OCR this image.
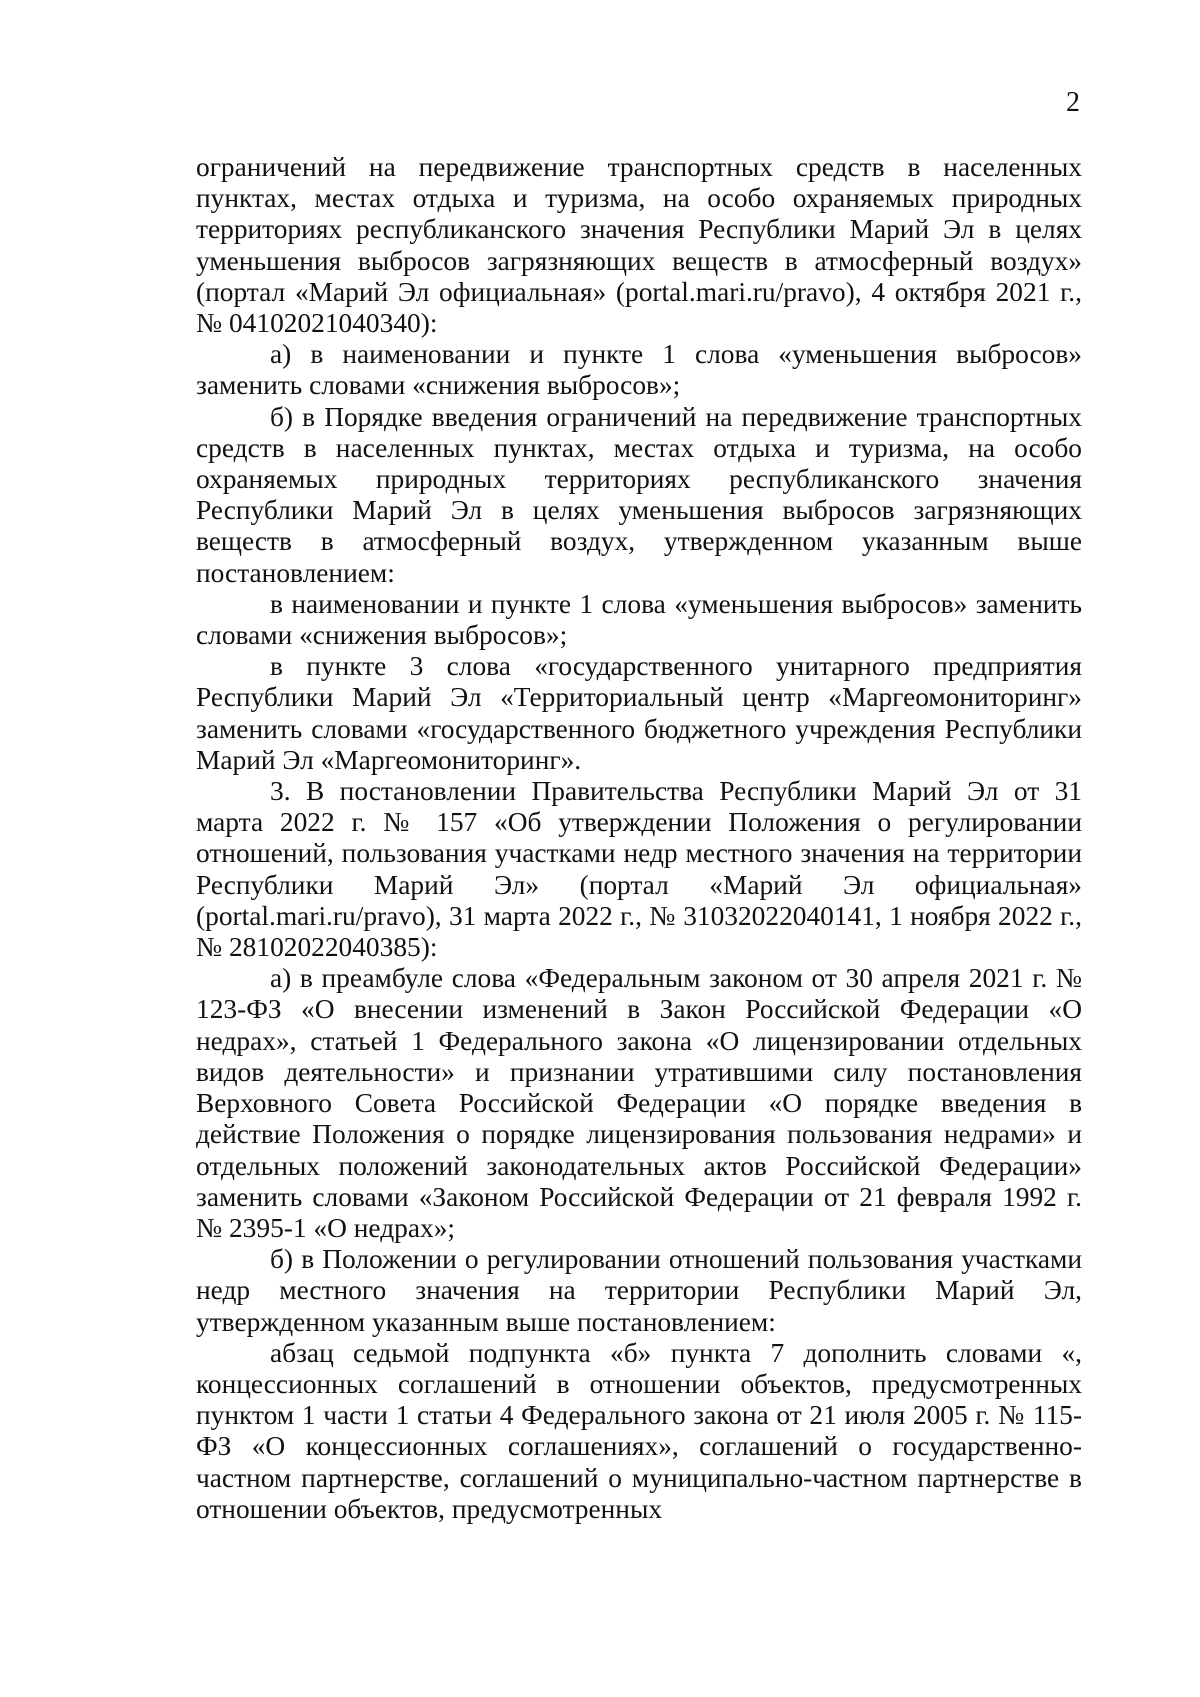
2

ограничений на передвижение транспортных средств в населенных пунктах, местах отдыха и туризма, на особо охраняемых природных территориях республиканского значения Республики Марий Эл в целях уменьшения выбросов загрязняющих веществ в атмосферный воздух» (портал «Марий Эл официальная» (portal.mari.ru/pravo), 4 октября 2021 г., № 04102021040340):

а) в наименовании и пункте 1 слова «уменьшения выбросов» заменить словами «снижения выбросов»;

б) в Порядке введения ограничений на передвижение транспортных средств в населенных пунктах, местах отдыха и туризма, на особо охраняемых природных территориях республиканского значения Республики Марий Эл в целях уменьшения выбросов загрязняющих веществ в атмосферный воздух, утвержденном указанным выше постановлением:

в наименовании и пункте 1 слова «уменьшения выбросов» заменить словами «снижения выбросов»;

в пункте 3 слова «государственного унитарного предприятия Республики Марий Эл «Территориальный центр «Маргеомониторинг» заменить словами «государственного бюджетного учреждения Республики Марий Эл «Маргеомониторинг».

3. В постановлении Правительства Республики Марий Эл от 31 марта 2022 г. № 157 «Об утверждении Положения о регулировании отношений, пользования участками недр местного значения на территории Республики Марий Эл» (портал «Марий Эл официальная» (portal.mari.ru/pravo), 31 марта 2022 г., № 31032022040141, 1 ноября 2022 г., № 28102022040385):

а) в преамбуле слова «Федеральным законом от 30 апреля 2021 г. № 123-ФЗ «О внесении изменений в Закон Российской Федерации «О недрах», статьей 1 Федерального закона «О лицензировании отдельных видов деятельности» и признании утратившими силу постановления Верховного Совета Российской Федерации «О порядке введения в действие Положения о порядке лицензирования пользования недрами» и отдельных положений законодательных актов Российской Федерации» заменить словами «Законом Российской Федерации от 21 февраля 1992 г. № 2395-1 «О недрах»;

б) в Положении о регулировании отношений пользования участками недр местного значения на территории Республики Марий Эл, утвержденном указанным выше постановлением:

абзац седьмой подпункта «б» пункта 7 дополнить словами «, концессионных соглашений в отношении объектов, предусмотренных пунктом 1 части 1 статьи 4 Федерального закона от 21 июля 2005 г. № 115-ФЗ «О концессионных соглашениях», соглашений о государственно-частном партнерстве, соглашений о муниципально-частном партнерстве в отношении объектов, предусмотренных
